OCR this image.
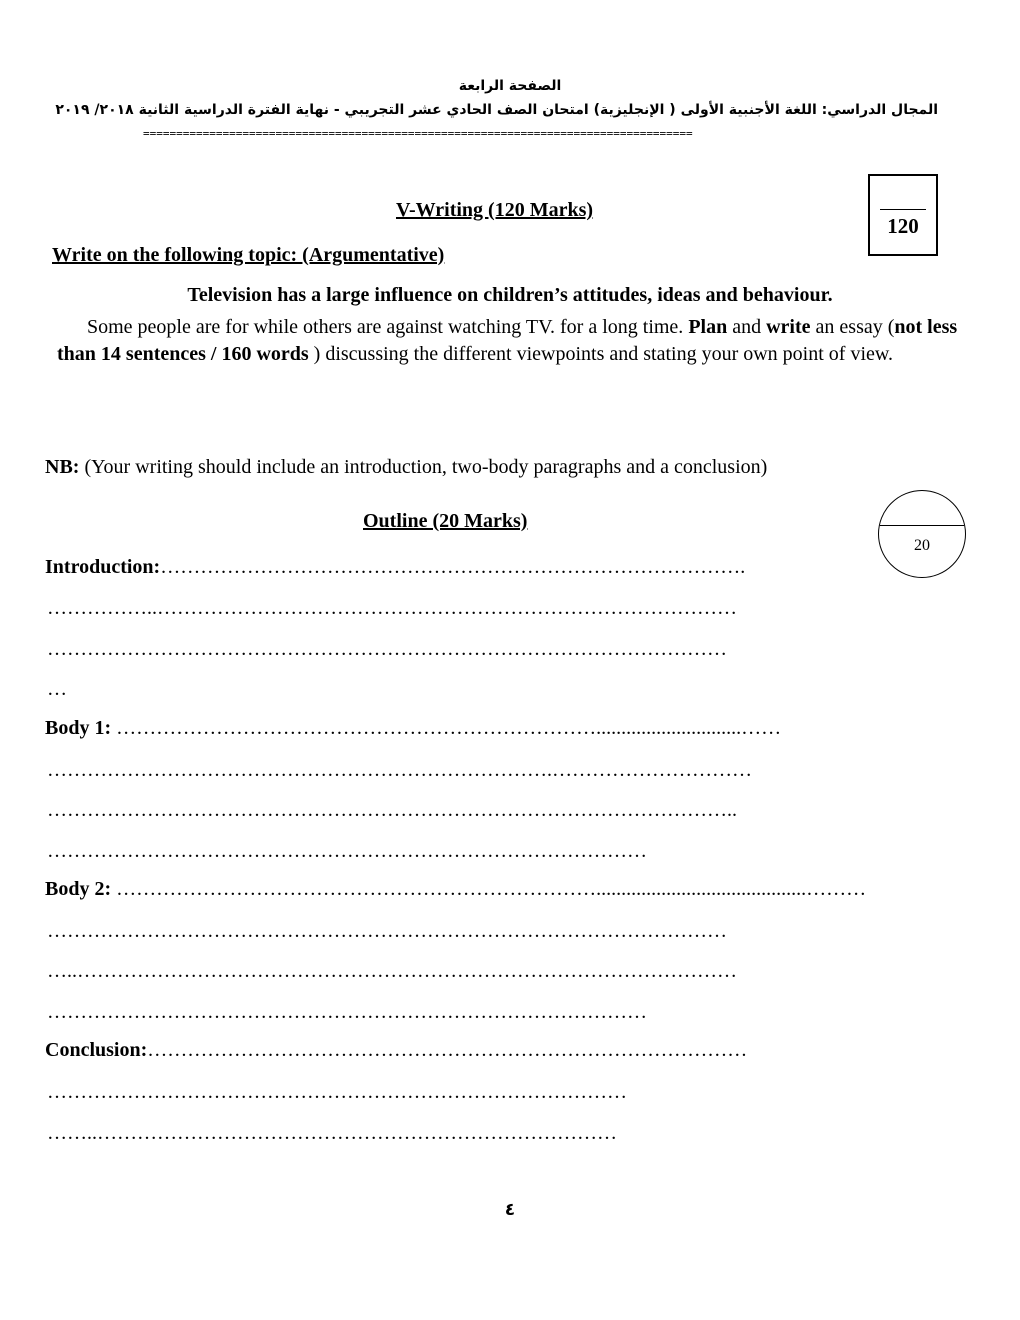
الصفحة الرابعة
المجال الدراسي: اللغة الأجنبية الأولى ( الإنجليزية) امتحان الصف الحادي عشر التجريبي - نهاية الفترة الدراسية الثانية ٢٠١٨/ ٢٠١٩
===================================================================================
V-Writing (120 Marks)
120
Write on the following topic: (Argumentative)
Television has a large influence on children’s attitudes, ideas and behaviour.
Some people are for while others are against watching TV. for a long time. Plan and write an essay (not less than 14 sentences / 160 words ) discussing the different viewpoints and stating your own point of view.
NB: (Your writing should include an introduction, two-body paragraphs and a conclusion)
Outline (20 Marks)
20
Introduction:…………………………………………………………………………….
……………..……………………………………………………………………………
…………………………………………………………………………………………
…
Body 1: ……………………………………………………………….............................……
………………………………………………………………….…………………………
…………………………………………………………………………………………..
………………………………………………………………………………
Body 2: ………………………………………………………………..........................................………
…………………………………………………………………………………………
…..………………………………………………………………………………………
………………………………………………………………………………
Conclusion:………………………………………………………………………………
……………………………………………………………………………
……..……………………………………………………………………
٤
